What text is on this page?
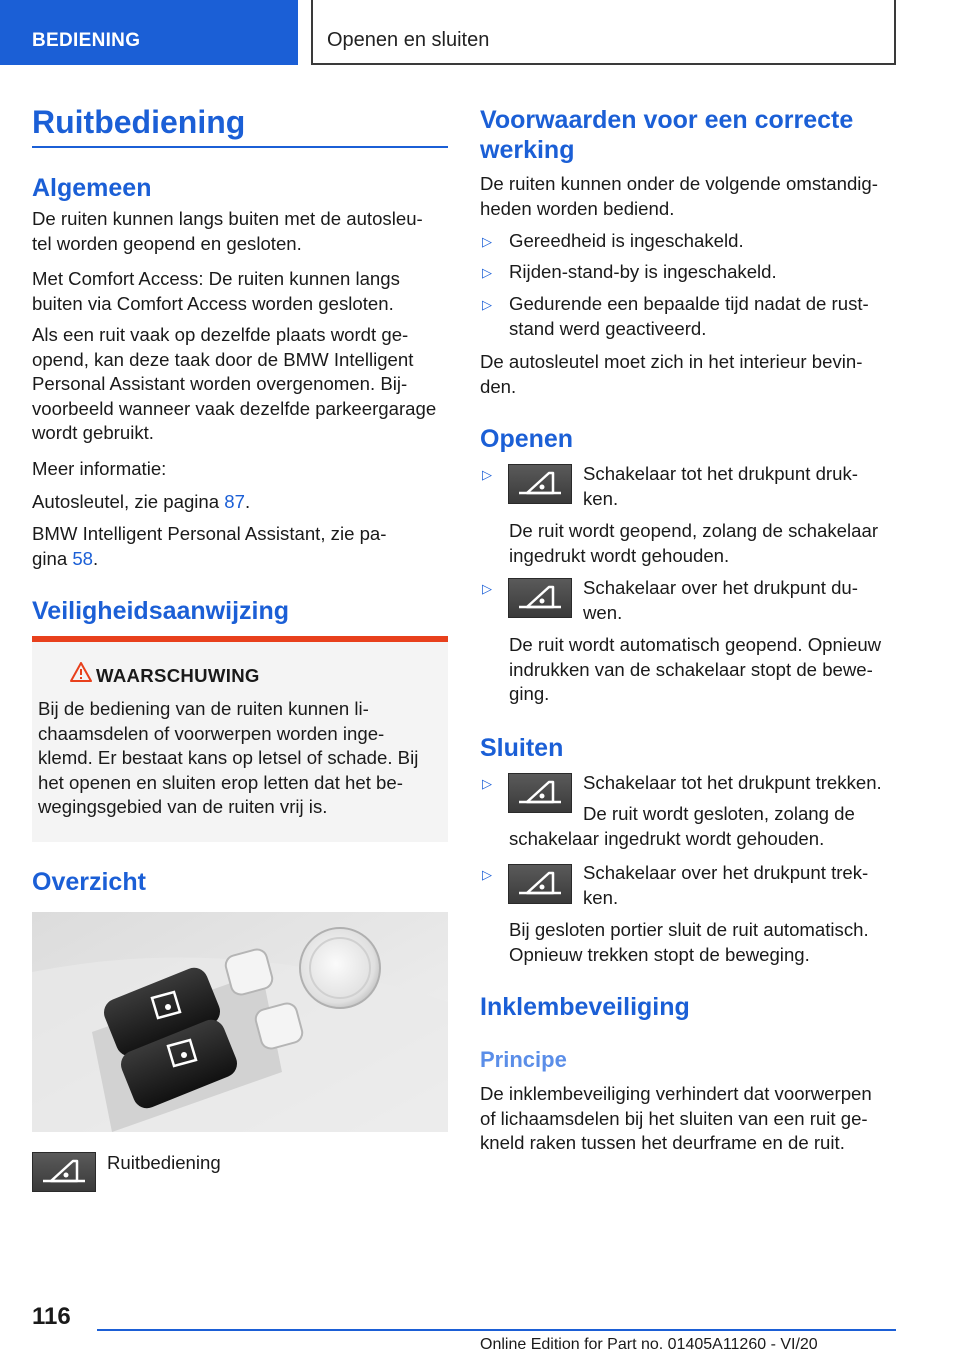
BEDIENING	Openen en sluiten
Ruitbediening
Algemeen
De ruiten kunnen langs buiten met de autosleu-
tel worden geopend en gesloten.
Met Comfort Access: De ruiten kunnen langs
buiten via Comfort Access worden gesloten.
Als een ruit vaak op dezelfde plaats wordt ge-
opend, kan deze taak door de BMW Intelligent
Personal Assistant worden overgenomen. Bij-
voorbeeld wanneer vaak dezelfde parkeergarage
wordt gebruikt.
Meer informatie:
Autosleutel, zie pagina 87.
BMW Intelligent Personal Assistant, zie pa-
gina 58.
Veiligheidsaanwijzing
WAARSCHUWING
Bij de bediening van de ruiten kunnen li-
chaamsdelen of voorwerpen worden inge-
klemd. Er bestaat kans op letsel of schade. Bij
het openen en sluiten erop letten dat het be-
wegingsgebied van de ruiten vrij is.
Overzicht
Ruitbediening
Voorwaarden voor een correcte
werking
De ruiten kunnen onder de volgende omstandig-
heden worden bediend.
▷ Gereedheid is ingeschakeld.
▷ Rijden-stand-by is ingeschakeld.
▷ Gedurende een bepaalde tijd nadat de rust-
stand werd geactiveerd.
De autosleutel moet zich in het interieur bevin-
den.
Openen
▷	Schakelaar tot het drukpunt druk-
ken.
De ruit wordt geopend, zolang de schakelaar
ingedrukt wordt gehouden.
▷	Schakelaar over het drukpunt du-
wen.
De ruit wordt automatisch geopend. Opnieuw
indrukken van de schakelaar stopt de bewe-
ging.
Sluiten
▷	Schakelaar tot het drukpunt trekken.
De ruit wordt gesloten, zolang de
schakelaar ingedrukt wordt gehouden.
▷	Schakelaar over het drukpunt trek-
ken.
Bij gesloten portier sluit de ruit automatisch.
Opnieuw trekken stopt de beweging.
Inklembeveiliging
Principe
De inklembeveiliging verhindert dat voorwerpen
of lichaamsdelen bij het sluiten van een ruit ge-
kneld raken tussen het deurframe en de ruit.
116
Online Edition for Part no. 01405A11260 - VI/20
